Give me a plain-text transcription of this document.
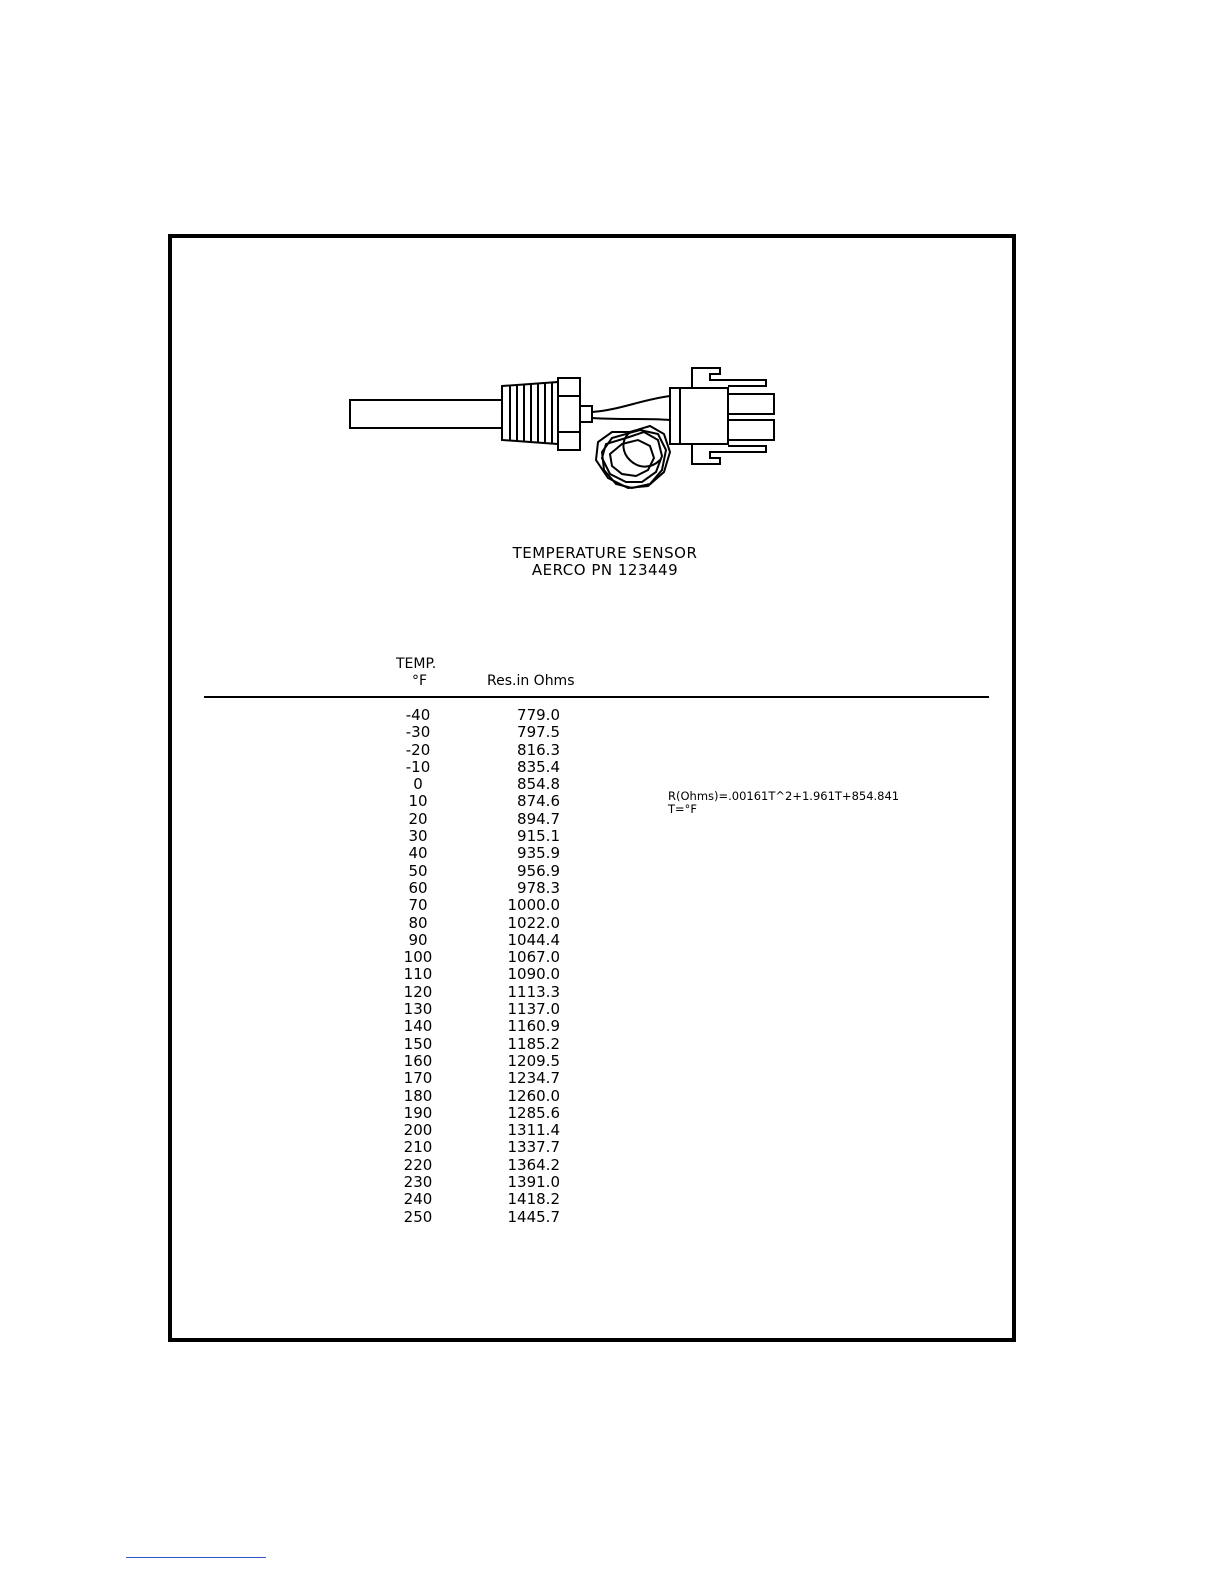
TEMPERATURE SENSOR
AERCO PN 123449
TEMP.
°F	Res.in Ohms
-40	779.0
-30	797.5
-20	816.3
-10	835.4
0	854.8
10	874.6
20	894.7
30	915.1
40	935.9
50	956.9
60	978.3
70	1000.0
80	1022.0
90	1044.4
100	1067.0
110	1090.0
120	1113.3
130	1137.0
140	1160.9
150	1185.2
160	1209.5
170	1234.7
180	1260.0
190	1285.6
200	1311.4
210	1337.7
220	1364.2
230	1391.0
240	1418.2
250	1445.7
R(Ohms)=.00161T^2+1.961T+854.841
T=°F
